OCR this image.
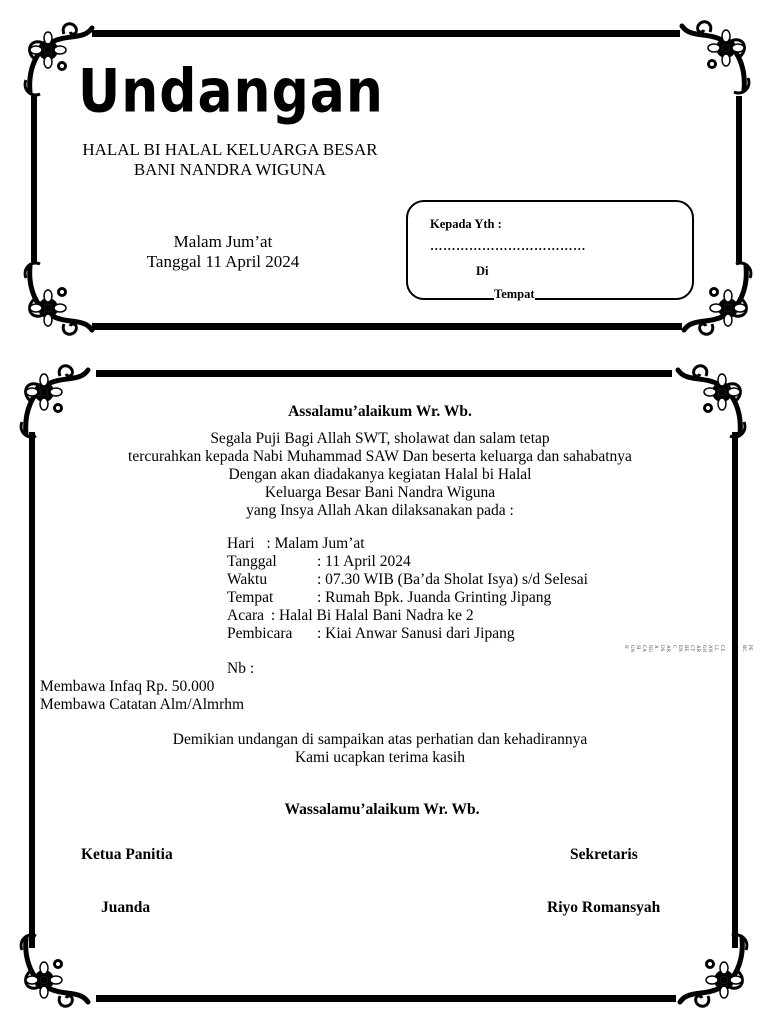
Undangan
HALAL BI HALAL KELUARGA BESAR
BANI NANDRA WIGUNA
Malam Jum’at
Tanggal 11 April 2024
Kepada Yth :
………………………………
Di
Tempat
Assalamu’alaikum Wr. Wb.
Segala Puji Bagi Allah SWT, sholawat dan salam tetap
tercurahkan kepada Nabi Muhammad SAW Dan beserta keluarga dan sahabatnya
Dengan akan diadakanya kegiatan Halal bi Halal
Keluarga Besar Bani Nandra Wiguna
yang Insya Allah Akan dilaksanakan pada :
Hari : Malam Jum’at
Tanggal	: 11 April 2024
Waktu	: 07.30 WIB (Ba’da Sholat Isya) s/d Selesai
Tempat	: Rumah Bpk. Juanda Grinting Jipang
Acara : Halal Bi Halal Bani Nadra ke 2
Pembicara : Kiai Anwar Sanusi dari Jipang
Nb :
Membawa Infaq Rp. 50.000
Membawa Catatan Alm/Almrhm
Demikian undangan di sampaikan atas perhatian dan kehadirannya
Kami ucapkan terima kasih
Wassalamu’alaikum Wr. Wb.
Ketua Panitia	Sekretaris
Juanda	Riyo Romansyah
PE
RC
CE
LL
AN
GH
AR
CT
RE
EN
C
AR
DS
A
NG
CA
SI
GN
N
